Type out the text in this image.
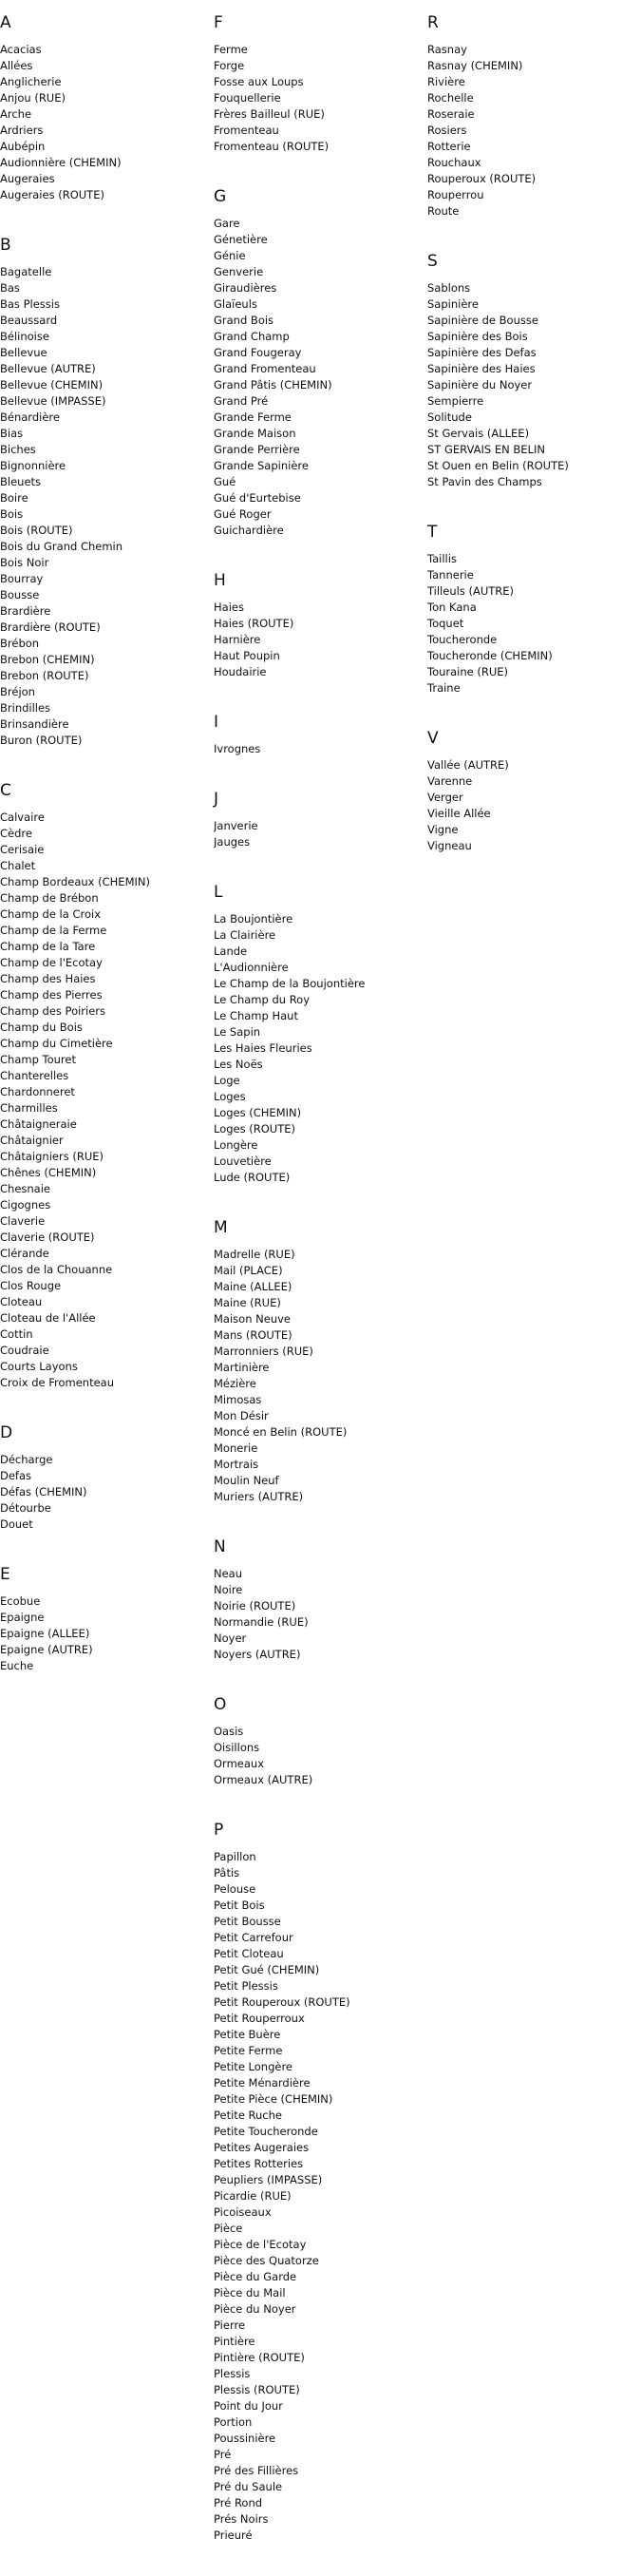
A
Acacias
Allées
Anglicherie
Anjou (RUE)
Arche
Ardriers
Aubépin
Audionnière (CHEMIN)
Augeraies
Augeraies (ROUTE)
B
Bagatelle
Bas
Bas Plessis
Beaussard
Bélinoise
Bellevue
Bellevue (AUTRE)
Bellevue (CHEMIN)
Bellevue (IMPASSE)
Bénardière
Bias
Biches
Bignonnière
Bleuets
Boire
Bois
Bois (ROUTE)
Bois du Grand Chemin
Bois Noir
Bourray
Bousse
Brardière
Brardière (ROUTE)
Brébon
Brebon (CHEMIN)
Brebon (ROUTE)
Bréjon
Brindilles
Brinsandière
Buron (ROUTE)
C
Calvaire
Cèdre
Cerisaie
Chalet
Champ Bordeaux (CHEMIN)
Champ de Brébon
Champ de la Croix
Champ de la Ferme
Champ de la Tare
Champ de l'Ecotay
Champ des Haies
Champ des Pierres
Champ des Poiriers
Champ du Bois
Champ du Cimetière
Champ Touret
Chanterelles
Chardonneret
Charmilles
Châtaigneraie
Châtaignier
Châtaigniers (RUE)
Chênes (CHEMIN)
Chesnaie
Cigognes
Claverie
Claverie (ROUTE)
Clérande
Clos de la Chouanne
Clos Rouge
Cloteau
Cloteau de l'Allée
Cottin
Coudraie
Courts Layons
Croix de Fromenteau
D
Décharge
Defas
Défas (CHEMIN)
Détourbe
Douet
E
Ecobue
Epaigne
Epaigne (ALLEE)
Epaigne (AUTRE)
Euche
F
Ferme
Forge
Fosse aux Loups
Fouquellerie
Frères Bailleul (RUE)
Fromenteau
Fromenteau (ROUTE)
G
Gare
Génetière
Génie
Genverie
Giraudières
Glaïeuls
Grand Bois
Grand Champ
Grand Fougeray
Grand Fromenteau
Grand Pâtis (CHEMIN)
Grand Pré
Grande Ferme
Grande Maison
Grande Perrière
Grande Sapinière
Gué
Gué d'Eurtebise
Gué Roger
Guichardière
H
Haies
Haies (ROUTE)
Harnière
Haut Poupin
Houdairie
I
Ivrognes
J
Janverie
Jauges
L
La Boujontière
La Clairière
Lande
L'Audionnière
Le Champ de la Boujontière
Le Champ du Roy
Le Champ Haut
Le Sapin
Les Haies Fleuries
Les Noës
Loge
Loges
Loges (CHEMIN)
Loges (ROUTE)
Longère
Louvetière
Lude (ROUTE)
M
Madrelle (RUE)
Mail (PLACE)
Maine (ALLEE)
Maine (RUE)
Maison Neuve
Mans (ROUTE)
Marronniers (RUE)
Martinière
Mézière
Mimosas
Mon Désir
Moncé en Belin (ROUTE)
Monerie
Mortrais
Moulin Neuf
Muriers (AUTRE)
N
Neau
Noire
Noirie (ROUTE)
Normandie (RUE)
Noyer
Noyers (AUTRE)
O
Oasis
Oisillons
Ormeaux
Ormeaux (AUTRE)
P
Papillon
Pâtis
Pelouse
Petit Bois
Petit Bousse
Petit Carrefour
Petit Cloteau
Petit Gué (CHEMIN)
Petit Plessis
Petit Rouperoux (ROUTE)
Petit Rouperroux
Petite Buère
Petite Ferme
Petite Longère
Petite Ménardière
Petite Pièce (CHEMIN)
Petite Ruche
Petite Toucheronde
Petites Augeraies
Petites Rotteries
Peupliers (IMPASSE)
Picardie (RUE)
Picoiseaux
Pièce
Pièce de l'Ecotay
Pièce des Quatorze
Pièce du Garde
Pièce du Mail
Pièce du Noyer
Pierre
Pintière
Pintière (ROUTE)
Plessis
Plessis (ROUTE)
Point du Jour
Portion
Poussinière
Pré
Pré des Fillières
Pré du Saule
Pré Rond
Prés Noirs
Prieuré
R
Rasnay
Rasnay (CHEMIN)
Rivière
Rochelle
Roseraie
Rosiers
Rotterie
Rouchaux
Rouperoux (ROUTE)
Rouperrou
Route
S
Sablons
Sapinière
Sapinière de Bousse
Sapinière des Bois
Sapinière des Defas
Sapinière des Haies
Sapinière du Noyer
Sempierre
Solitude
St Gervais (ALLEE)
ST GERVAIS EN BELIN
St Ouen en Belin (ROUTE)
St Pavin des Champs
T
Taillis
Tannerie
Tilleuls (AUTRE)
Ton Kana
Toquet
Toucheronde
Toucheronde (CHEMIN)
Touraine (RUE)
Traine
V
Vallée (AUTRE)
Varenne
Verger
Vieille Allée
Vigne
Vigneau
